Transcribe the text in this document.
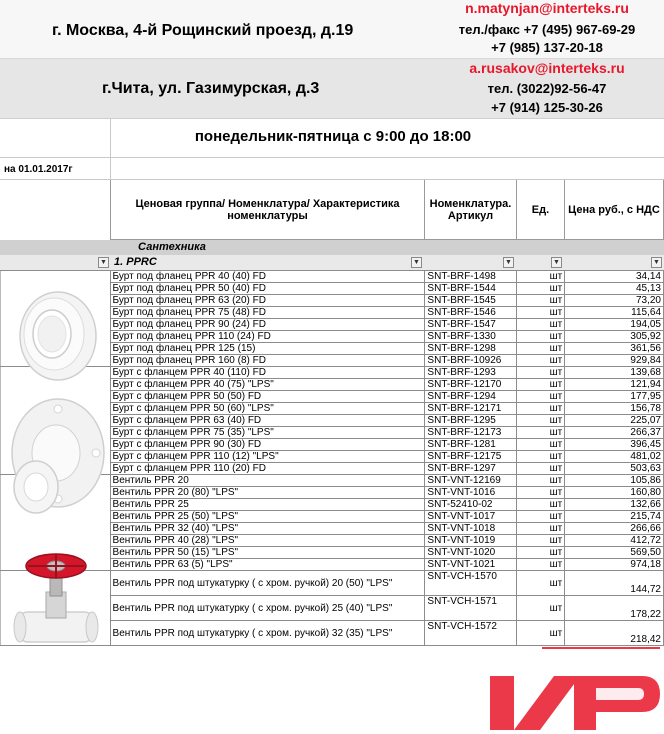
г. Москва, 4-й Рощинский проезд, д.19
n.matynjan@interteks.ru
тел./факс +7 (495) 967-69-29
+7 (985) 137-20-18
г.Чита, ул. Газимурская, д.3
a.rusakov@interteks.ru
тел. (3022)92-56-47
+7 (914) 125-30-26
понедельник-пятница с 9:00 до 18:00
на 01.01.2017г
Ценовая группа/ Номенклатура/ Характеристика номенклатуры
Номенклатура. Артикул	Ед. Цена руб., с НДС
Сантехника
1. PPRC
▼	▼	▼	▼	▼
	Бурт под фланец PPR 40 (40) FD	SNT-BRF-1498	шт	34,14
	Бурт под фланец PPR 50 (40) FD	SNT-BRF-1544	шт	45,13
	Бурт под фланец PPR 63 (20) FD	SNT-BRF-1545	шт	73,20
	Бурт под фланец PPR 75 (48) FD	SNT-BRF-1546	шт	115,64
	Бурт под фланец PPR 90 (24) FD	SNT-BRF-1547	шт	194,05
	Бурт под фланец PPR 110 (24) FD	SNT-BRF-1330	шт	305,92
	Бурт под фланец PPR 125 (15)	SNT-BRF-1298	шт	361,56
	Бурт под фланец PPR 160 (8) FD	SNT-BRF-10926	шт	929,84
	Бурт с фланцем PPR 40 (110) FD	SNT-BRF-1293	шт	139,68
	Бурт с фланцем PPR 40 (75) "LPS"	SNT-BRF-12170	шт	121,94
	Бурт с фланцем PPR 50 (50) FD	SNT-BRF-1294	шт	177,95
	Бурт с фланцем PPR 50 (60) "LPS"	SNT-BRF-12171	шт	156,78
	Бурт с фланцем PPR 63 (40) FD	SNT-BRF-1295	шт	225,07
	Бурт с фланцем PPR 75 (35) "LPS"	SNT-BRF-12173	шт	266,37
	Бурт с фланцем PPR 90 (30) FD	SNT-BRF-1281	шт	396,45
	Бурт с фланцем PPR 110 (12) "LPS"	SNT-BRF-12175	шт	481,02
	Бурт с фланцем PPR 110 (20) FD	SNT-BRF-1297	шт	503,63
	Вентиль PPR 20	SNT-VNT-12169	шт	105,86
	Вентиль PPR 20 (80) "LPS"	SNT-VNT-1016	шт	160,80
	Вентиль PPR 25	SNT-52410-02	шт	132,66
	Вентиль PPR 25 (50) "LPS"	SNT-VNT-1017	шт	215,74
	Вентиль PPR 32 (40) "LPS"	SNT-VNT-1018	шт	266,66
	Вентиль PPR 40 (28) "LPS"	SNT-VNT-1019	шт	412,72
	Вентиль PPR 50 (15) "LPS"	SNT-VNT-1020	шт	569,50
	Вентиль PPR 63 (5) "LPS"	SNT-VNT-1021	шт	974,18
	Вентиль PPR под штукатурку ( с хром. ручкой) 20 (50) "LPS"	SNT-VCH-1570	шт	144,72
	Вентиль PPR под штукатурку ( с хром. ручкой) 25 (40) "LPS"	SNT-VCH-1571	шт	178,22
	Вентиль PPR под штукатурку ( с хром. ручкой) 32 (35) "LPS"	SNT-VCH-1572	шт	218,42
